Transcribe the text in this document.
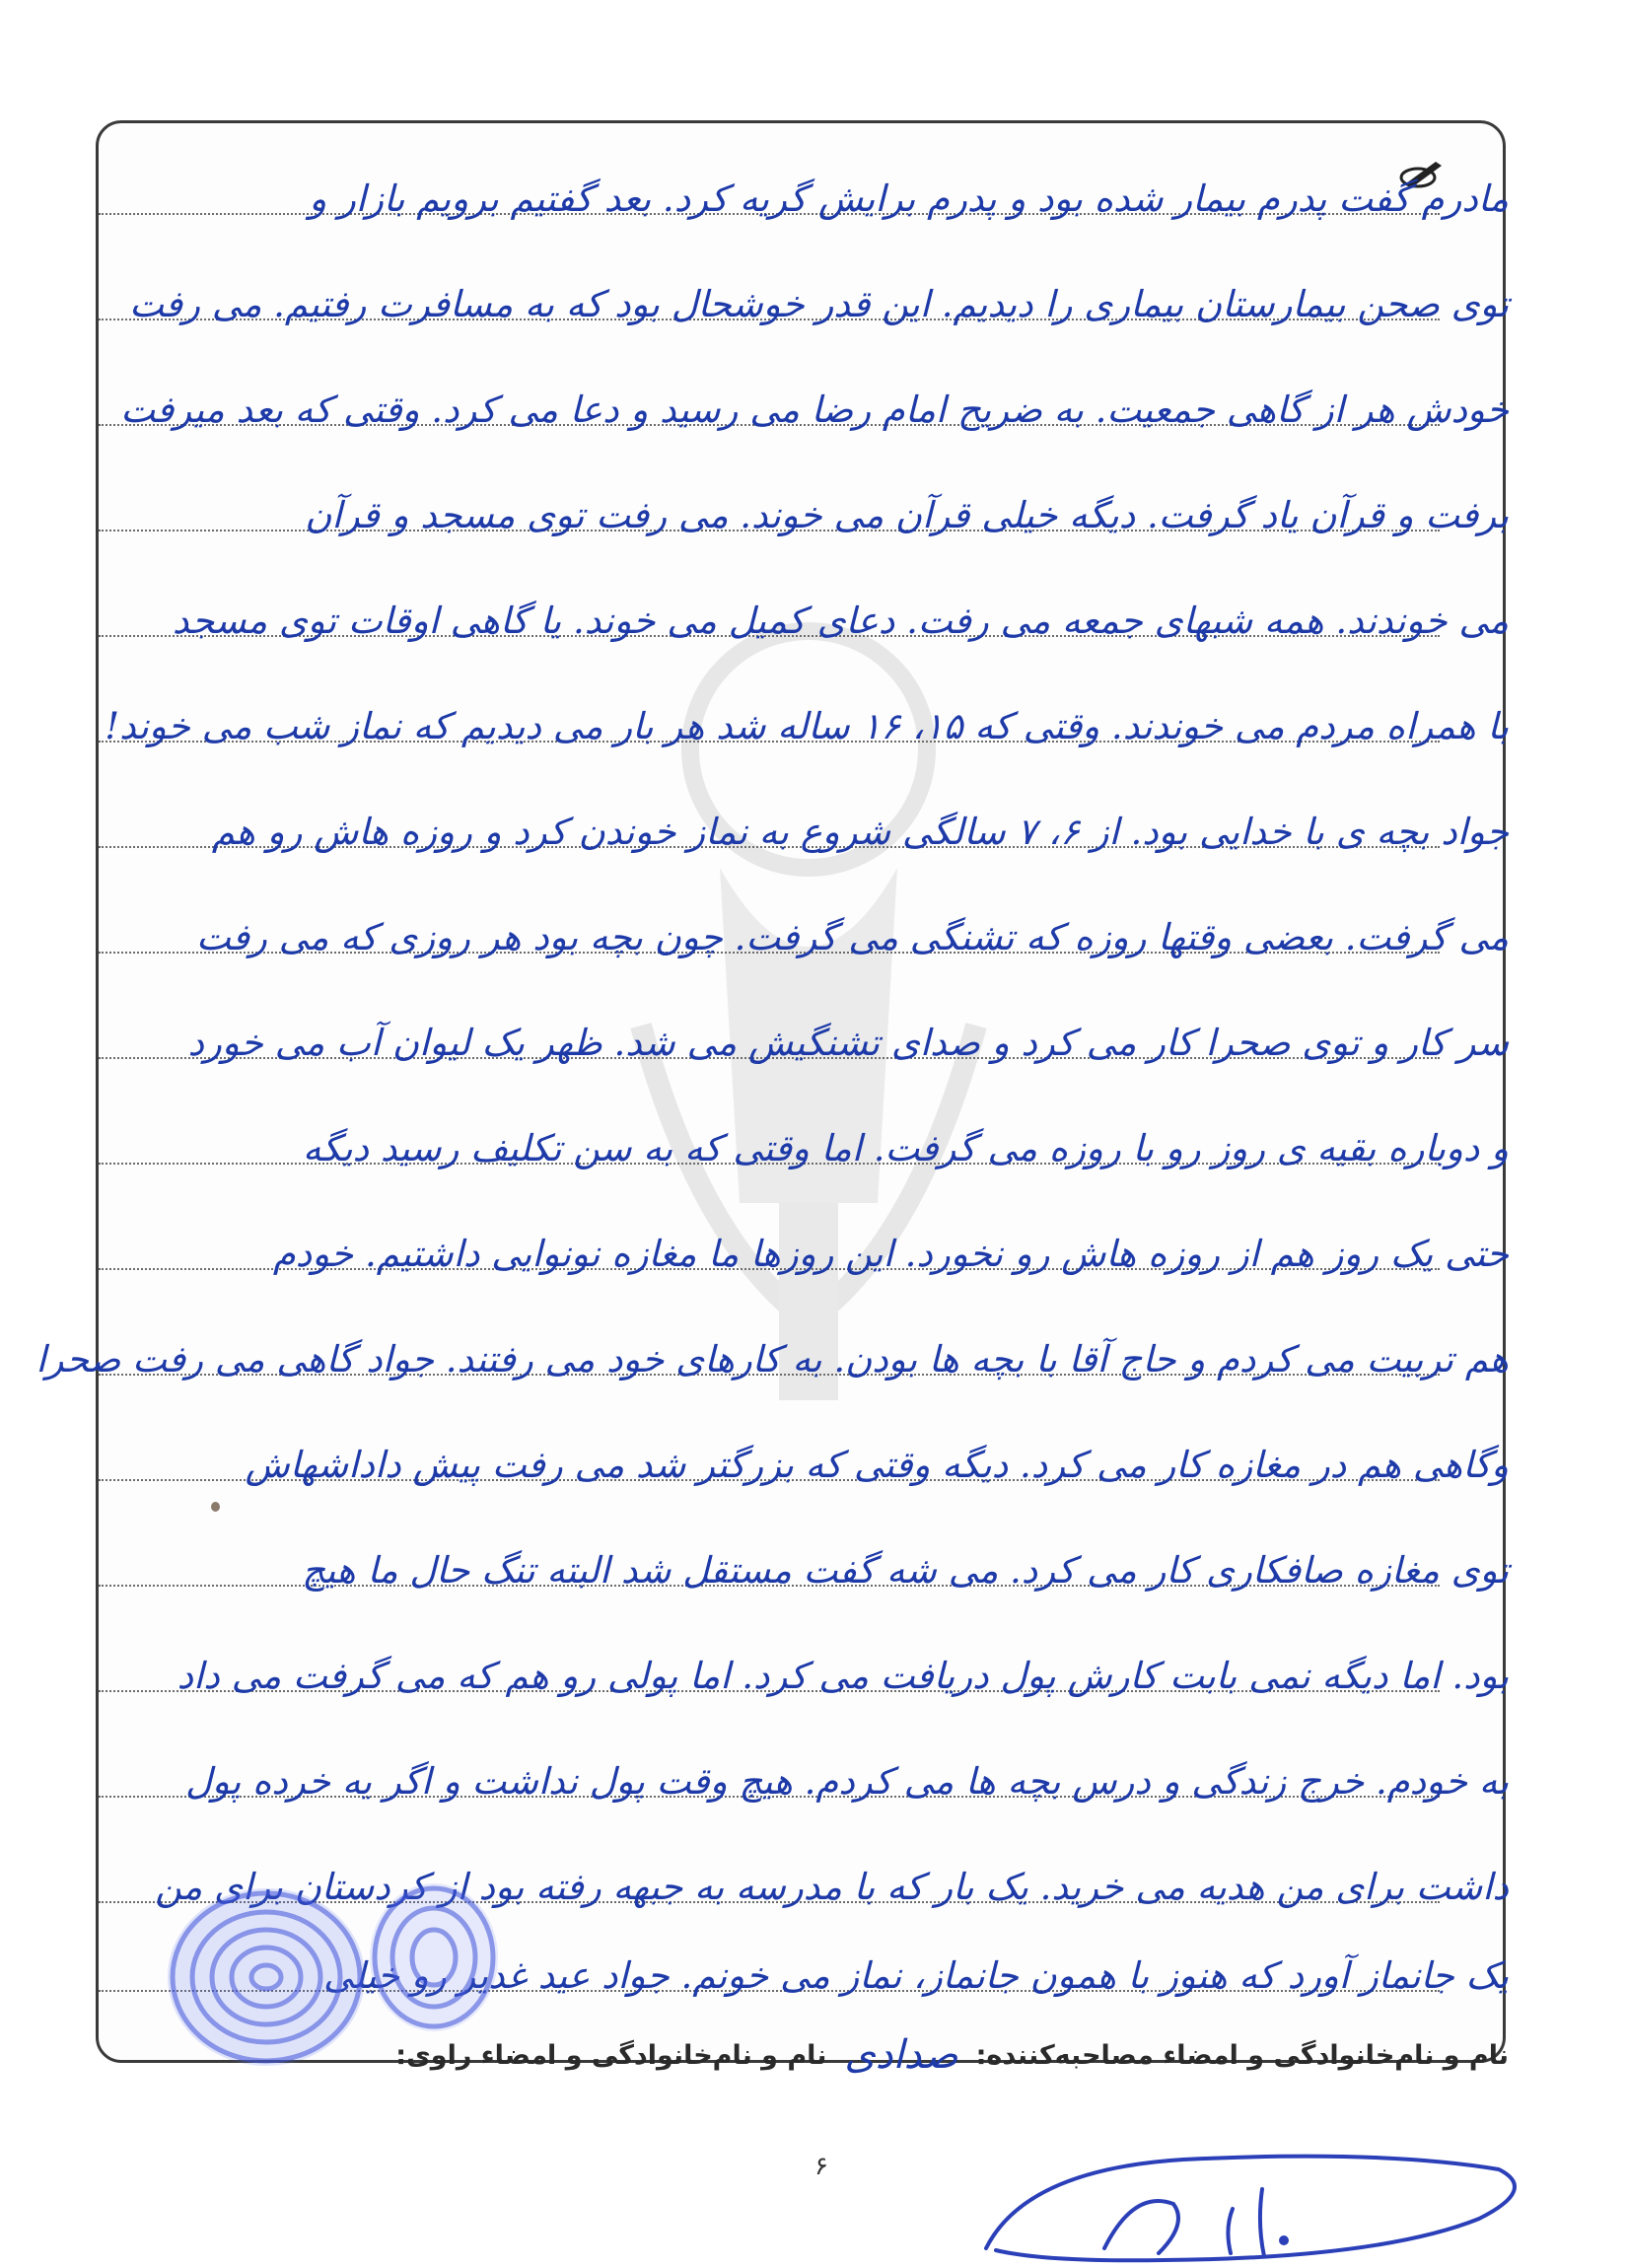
مادرم گفت پدرم بیمار شده بود و پدرم برایش گریه کرد. بعد گفتیم برویم بازار و
توی صحن بیمارستان بیماری را دیدیم. این قدر خوشحال بود که به مسافرت رفتیم. می رفت
خودش هر از گاهی جمعیت. به ضریح امام رضا می رسید و دعا می کرد. وقتی که بعد میرفت
برفت و قرآن یاد گرفت. دیگه خیلی قرآن می خوند. می رفت توی مسجد و قرآن
می خوندند. همه شبهای جمعه می رفت. دعای کمیل می خوند. یا گاهی اوقات توی مسجد
با همراه مردم می خوندند. وقتی که ۱۵، ۱۶ ساله شد هر بار می دیدیم که نماز شب می خوند!
جواد بچه ی با خدایی بود. از ۶، ۷ سالگی شروع به نماز خوندن کرد و روزه هاش رو هم
می گرفت. بعضی وقتها روزه که تشنگی می گرفت. چون بچه بود هر روزی که می رفت
سر کار و توی صحرا کار می کرد و صدای تشنگیش می شد. ظهر یک لیوان آب می خورد
و دوباره بقیه ی روز رو با روزه می گرفت. اما وقتی که به سن تکلیف رسید دیگه
حتی یک روز هم از روزه هاش رو نخورد. این روزها ما مغازه نونوایی داشتیم. خودم
هم تربیت می کردم و حاج آقا با بچه ها بودن. به کارهای خود می رفتند. جواد گاهی می رفت صحرا
وگاهی هم در مغازه کار می کرد. دیگه وقتی که بزرگتر شد می رفت پیش داداشهاش
توی مغازه صافکاری کار می کرد. می شه گفت مستقل شد البته تنگ حال ما هیچ
بود. اما دیگه نمی بابت کارش پول دریافت می کرد. اما پولی رو هم که می گرفت می داد
به خودم. خرج زندگی و درس بچه ها می کردم. هیچ وقت پول نداشت و اگر یه خرده پول
داشت برای من هدیه می خرید. یک بار که با مدرسه به جبهه رفته بود از کردستان برای من
یک جانماز آورد که هنوز با همون جانماز، نماز می خونم. جواد عید غدیر رو خیلی
نام و نام‌خانوادگی و امضاء مصاحبه‌کننده:
صدادی
نام و نام‌خانوادگی و امضاء راوی:
۶
